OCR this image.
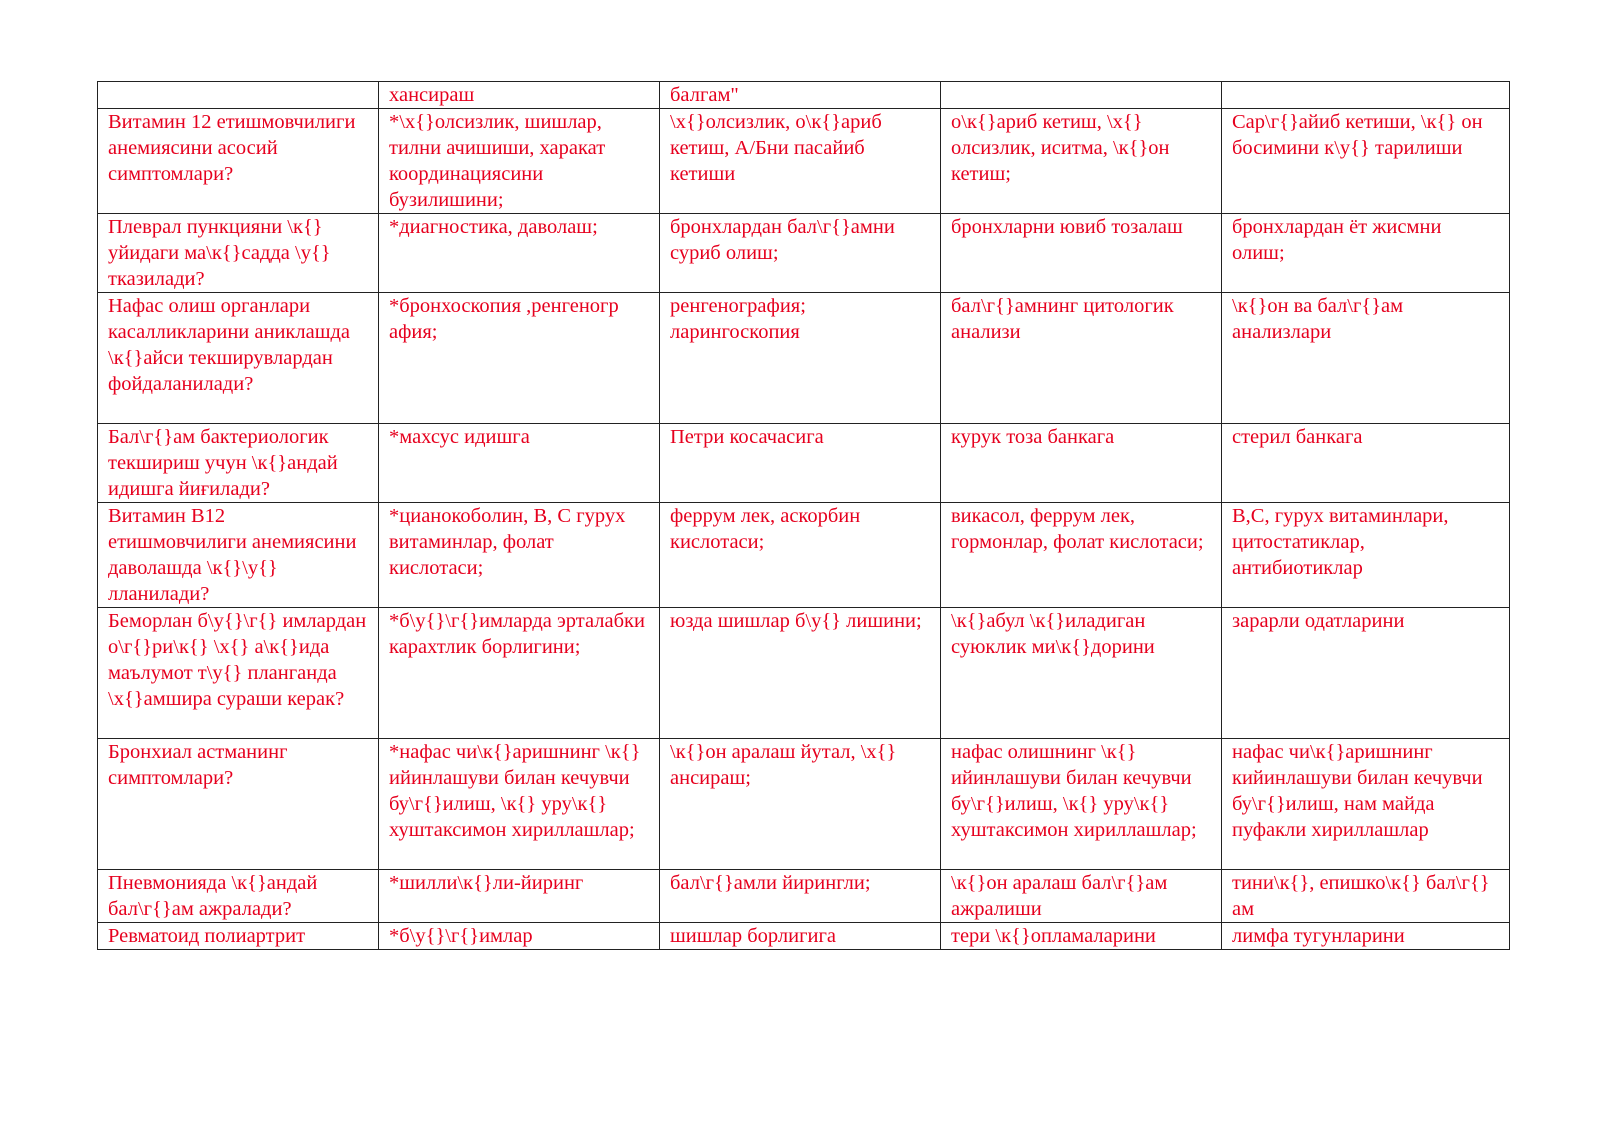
	хансираш	балгам"		
Витамин 12 етишмовчилиги анемиясини асосий симптомлари?	*\х{}олсизлик, шишлар, тилни ачишиши, харакат координациясини бузилишини;	\х{}олсизлик, о\к{}ариб кетиш, А/Бни пасайиб кетиши	о\к{}ариб кетиш, \х{} олсизлик, иситма, \к{}он кетиш;	Сар\г{}айиб кетиши, \к{} он босимини к\у{} тарилиши
Плеврал пункцияни \к{} уйидаги ма\к{}садда \у{} тказилади?	*диагностика, даволаш;	бронхлардан бал\г{}амни суриб олиш;	бронхларни ювиб тозалаш	бронхлардан ёт жисмни олиш;
Нафас олиш органлари касалликларини аниклашда \к{}айси текширувлардан фойдаланилади?	*бронхоскопия ,ренгеногр афия;	ренгенография; ларингоскопия	бал\г{}амнинг цитологик анализи	\к{}он ва бал\г{}ам анализлари
Бал\г{}ам бактериологик текшириш учун \к{}андай идишга йиғилади?	*махсус идишга	Петри косачасига	курук тоза банкага	стерил банкага
Витамин В12 етишмовчилиги анемиясини даволашда \к{}\у{}лланилади?	*цианокоболин, В, С гурух витаминлар, фолат кислотаси;	феррум лек, аскорбин кислотаси;	викасол, феррум лек, гормонлар, фолат кислотаси;	В,С, гурух витаминлари, цитостатиклар, антибиотиклар
Беморлан б\у{}\г{} имлардан о\г{}ри\к{} \х{} а\к{}ида маълумот т\у{} планганда \х{}амшира сураши керак?	*б\у{}\г{}имларда эрталабки карахтлик борлигини;	юзда шишлар б\у{} лишини;	\к{}абул \к{}иладиган суюклик ми\к{}дорини	зарарли одатларини
Бронхиал астманинг симптомлари?	*нафас чи\к{}аришнинг \к{}ийинлашуви билан кечувчи бу\г{}илиш, \к{} уру\к{} хуштаксимон хириллашлар;	\к{}он аралаш йутал, \х{} ансираш;	нафас олишнинг \к{} ийинлашуви билан кечувчи бу\г{}илиш, \к{} уру\к{} хуштаксимон хириллашлар;	нафас чи\к{}аришнинг кийинлашуви билан кечувчи бу\г{}илиш, нам майда пуфакли хириллашлар
Пневмонияда \к{}андай бал\г{}ам ажралади?	*шилли\к{}ли-йиринг	бал\г{}амли йирингли;	\к{}он аралаш бал\г{}ам ажралиши	тини\к{}, епишко\к{} бал\г{}ам
Ревматоид полиартрит	*б\у{}\г{}имлар	шишлар борлигига	тери \к{}опламаларини	лимфа тугунларини
